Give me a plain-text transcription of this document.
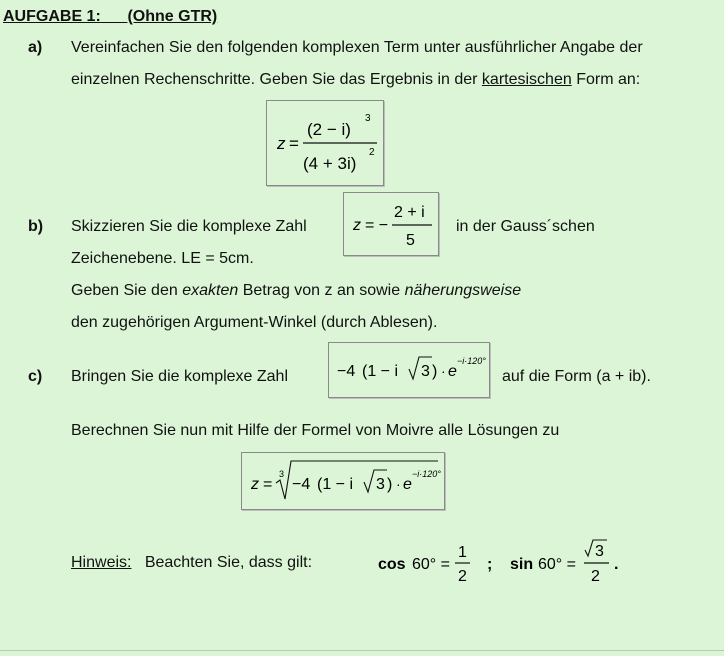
AUFGABE 1: (Ohne GTR)
a) Vereinfachen Sie den folgenden komplexen Term unter ausführlicher Angabe der
einzelnen Rechenschritte. Geben Sie das Ergebnis in der kartesischen Form an:
z =
(2 − i)
3
(4 + 3i)
2
b) Skizzieren Sie die komplexe Zahl	z = −
2 + i
5
in der Gauss´schen
Zeichenebene. LE = 5cm.
Geben Sie den exakten Betrag von z an sowie näherungsweise
den zugehörigen Argument-Winkel (durch Ablesen).
c) Bringen Sie die komplexe Zahl	−4 (1 − i 3 ) · e
−i·120°
auf die Form (a + ib).
Berechnen Sie nun mit Hilfe der Formel von Moivre alle Lösungen zu
z =
3
−4 (1 − i 3 ) · e
−i·120°
Hinweis: Beachten Sie, dass gilt:	cos 60° =
1
2
; sin 60° =
3
2
.
